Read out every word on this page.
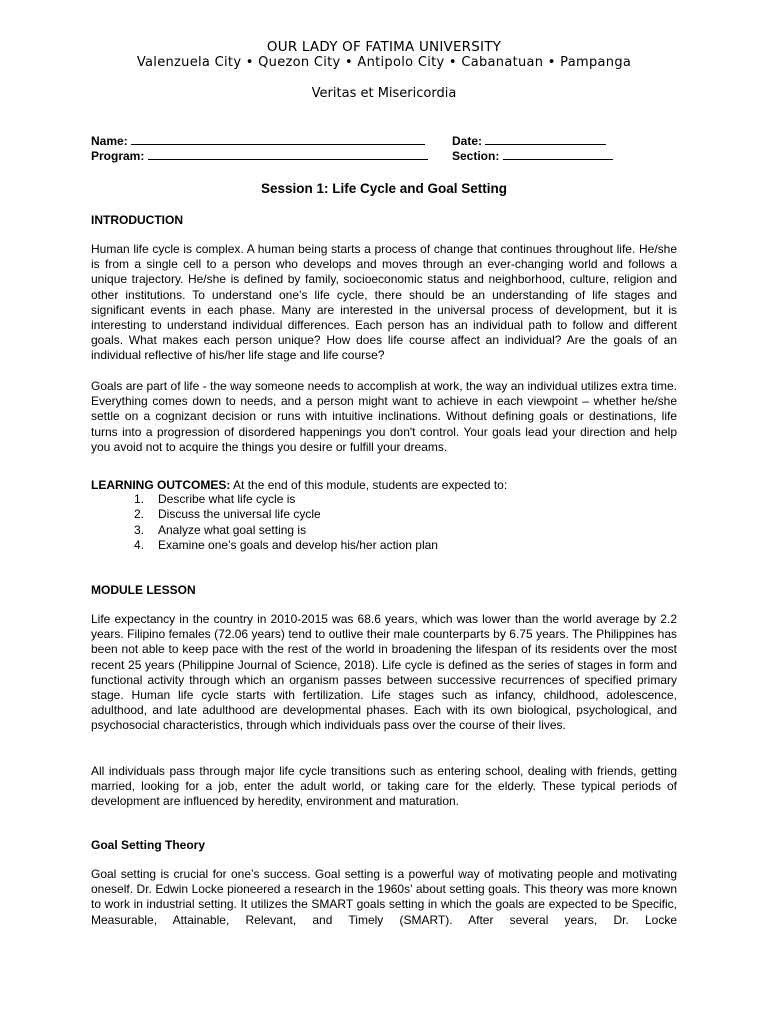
OUR LADY OF FATIMA UNIVERSITY
Valenzuela City • Quezon City • Antipolo City • Cabanatuan • Pampanga
Veritas et Misericordia
Name:
Program:
Date:
Section:
Session 1: Life Cycle and Goal Setting
INTRODUCTION

Human life cycle is complex. A human being starts a process of change that continues throughout life. He/she is from a single cell to a person who develops and moves through an ever-changing world and follows a unique trajectory. He/she is defined by family, socioeconomic status and neighborhood, culture, religion and other institutions. To understand one’s life cycle, there should be an understanding of life stages and significant events in each phase. Many are interested in the universal process of development, but it is interesting to understand individual differences. Each person has an individual path to follow and different goals. What makes each person unique? How does life course affect an individual? Are the goals of an individual reflective of his/her life stage and life course?

Goals are part of life - the way someone needs to accomplish at work, the way an individual utilizes extra time. Everything comes down to needs, and a person might want to achieve in each viewpoint – whether he/she settle on a cognizant decision or runs with intuitive inclinations. Without defining goals or destinations, life turns into a progression of disordered happenings you don't control. Your goals lead your direction and help you avoid not to acquire the things you desire or fulfill your dreams.

LEARNING OUTCOMES: At the end of this module, students are expected to:
1. Describe what life cycle is
2. Discuss the universal life cycle
3. Analyze what goal setting is
4. Examine one’s goals and develop his/her action plan
MODULE LESSON

Life expectancy in the country in 2010-2015 was 68.6 years, which was lower than the world average by 2.2 years. Filipino females (72.06 years) tend to outlive their male counterparts by 6.75 years. The Philippines has been not able to keep pace with the rest of the world in broadening the lifespan of its residents over the most recent 25 years (Philippine Journal of Science, 2018). Life cycle is defined as the series of stages in form and functional activity through which an organism passes between successive recurrences of specified primary stage. Human life cycle starts with fertilization. Life stages such as infancy, childhood, adolescence, adulthood, and late adulthood are developmental phases. Each with its own biological, psychological, and psychosocial characteristics, through which individuals pass over the course of their lives.

All individuals pass through major life cycle transitions such as entering school, dealing with friends, getting married, looking for a job, enter the adult world, or taking care for the elderly. These typical periods of development are influenced by heredity, environment and maturation.

Goal Setting Theory

Goal setting is crucial for one’s success. Goal setting is a powerful way of motivating people and motivating oneself. Dr. Edwin Locke pioneered a research in the 1960s’ about setting goals. This theory was more known to work in industrial setting. It utilizes the SMART goals setting in which the goals are expected to be Specific, Measurable, Attainable, Relevant, and Timely (SMART). After several years, Dr. Locke
